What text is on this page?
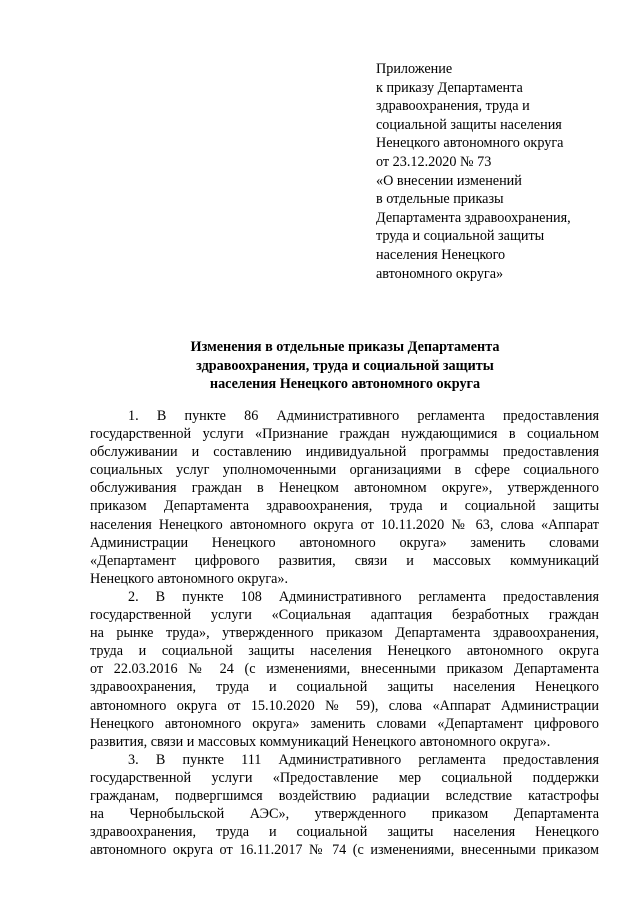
Приложение
к приказу Департамента
здравоохранения, труда и
социальной защиты населения
Ненецкого автономного округа
от 23.12.2020 № 73
«О внесении изменений
в отдельные приказы
Департамента здравоохранения,
труда и социальной защиты
населения Ненецкого
автономного округа»
Изменения в отдельные приказы Департамента
здравоохранения, труда и социальной защиты
населения Ненецкого автономного округа
1. В пункте 86 Административного регламента предоставления
государственной услуги «Признание граждан нуждающимися в социальном
обслуживании и составлению индивидуальной программы предоставления
социальных услуг уполномоченными организациями в сфере социального
обслуживания граждан в Ненецком автономном округе», утвержденного
приказом Департамента здравоохранения, труда и социальной защиты
населения Ненецкого автономного округа от 10.11.2020 № 63, слова «Аппарат
Администрации Ненецкого автономного округа» заменить словами
«Департамент цифрового развития, связи и массовых коммуникаций
Ненецкого автономного округа».
2. В пункте 108 Административного регламента предоставления
государственной услуги «Социальная адаптация безработных граждан
на рынке труда», утвержденного приказом Департамента здравоохранения,
труда и социальной защиты населения Ненецкого автономного округа
от 22.03.2016 № 24 (с изменениями, внесенными приказом Департамента
здравоохранения, труда и социальной защиты населения Ненецкого
автономного округа от 15.10.2020 № 59), слова «Аппарат Администрации
Ненецкого автономного округа» заменить словами «Департамент цифрового
развития, связи и массовых коммуникаций Ненецкого автономного округа».
3. В пункте 111 Административного регламента предоставления
государственной услуги «Предоставление мер социальной поддержки
гражданам, подвергшимся воздействию радиации вследствие катастрофы
на Чернобыльской АЭС», утвержденного приказом Департамента
здравоохранения, труда и социальной защиты населения Ненецкого
автономного округа от 16.11.2017 № 74 (с изменениями, внесенными приказом
